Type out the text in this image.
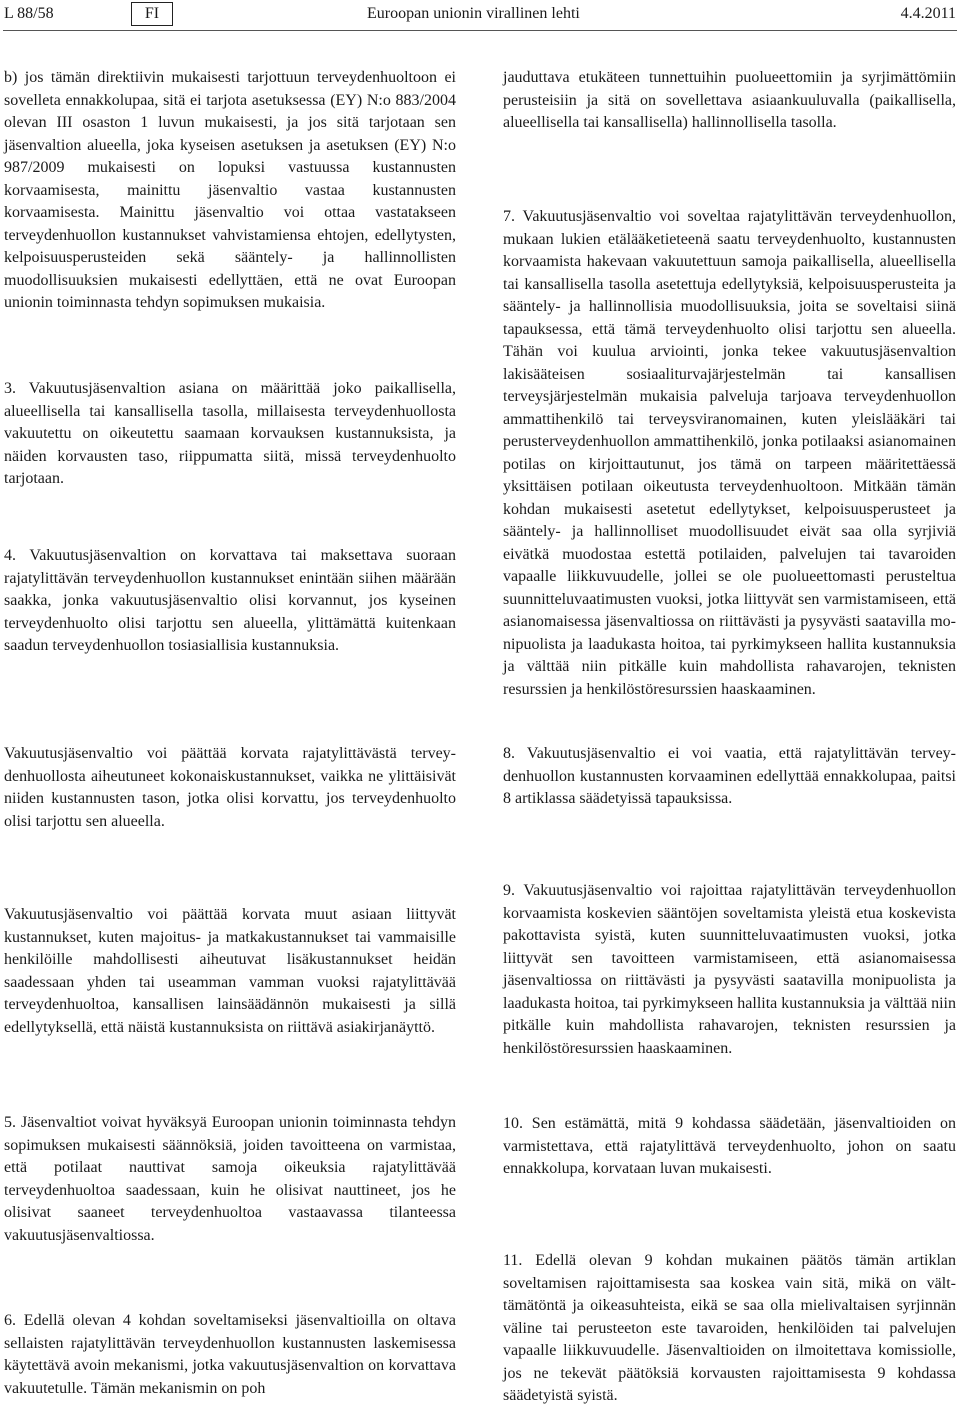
L 88/58	FI	Euroopan unionin virallinen lehti	4.4.2011

b) jos tämän direktiivin mukaisesti tarjottuun terveydenhuoltoon ei sovelleta ennakkolupaa, sitä ei tarjota asetuksessa (EY) N:o 883/2004 olevan III osaston 1 luvun mukaisesti, ja jos sitä tarjotaan sen jäsenvaltion alueella, joka kyseisen asetuksen ja asetuksen (EY) N:o 987/2009 mukaisesti on lopuksi vastuussa kustannusten korvaamisesta, mainittu jäsenvaltio vastaa kustannusten korvaamisesta. Mainittu jäsenvaltio voi ottaa vastatakseen terveydenhuollon kustannukset vahvistamiensa ehtojen, edellytysten, kelpoisuusperusteiden sekä sääntely- ja hallinnollisten muodollisuuksien mukaisesti edellyttäen, että ne ovat Euroopan unionin toiminnasta tehdyn sopimuksen mukaisia.

3. Vakuutusjäsenvaltion asiana on määrittää joko paikallisella, alueellisella tai kansallisella tasolla, millaisesta terveydenhuollosta vakuutettu on oikeutettu saamaan korvauksen kustannuksista, ja näiden korvausten taso, riippumatta siitä, missä terveydenhuolto tarjotaan.

4. Vakuutusjäsenvaltion on korvattava tai maksettava suoraan rajatylittävän terveydenhuollon kustannukset enintään siihen määrään saakka, jonka vakuutusjäsenvaltio olisi korvannut, jos kyseinen terveydenhuolto olisi tarjottu sen alueella, ylittämättä kuitenkaan saadun terveydenhuollon tosiasiallisia kustannuksia.

Vakuutusjäsenvaltio voi päättää korvata rajatylittävästä terveydenhuollosta aiheutuneet kokonaiskustannukset, vaikka ne ylittäisivät niiden kustannusten tason, jotka olisi korvattu, jos terveydenhuolto olisi tarjottu sen alueella.

Vakuutusjäsenvaltio voi päättää korvata muut asiaan liittyvät kustannukset, kuten majoitus- ja matkakustannukset tai vammaisille henkilöille mahdollisesti aiheutuvat lisäkustannukset heidän saadessaan yhden tai useamman vamman vuoksi rajatylittävää terveydenhuoltoa, kansallisen lainsäädännön mukaisesti ja sillä edellytyksellä, että näistä kustannuksista on riittävä asiakirjanäyttö.

5. Jäsenvaltiot voivat hyväksyä Euroopan unionin toiminnasta tehdyn sopimuksen mukaisesti säännöksiä, joiden tavoitteena on varmistaa, että potilaat nauttivat samoja oikeuksia rajatylittävää terveydenhuoltoa saadessaan, kuin he olisivat nauttineet, jos he olisivat saaneet terveydenhuoltoa vastaavassa tilanteessa vakuutusjäsenvaltiossa.

6. Edellä olevan 4 kohdan soveltamiseksi jäsenvaltioilla on oltava sellaisten rajatylittävän terveydenhuollon kustannusten laskemisessa käytettävä avoin mekanismi, jotka vakuutusjäsenvaltion on korvattava vakuutetulle. Tämän mekanismin on poh

jauduttava etukäteen tunnettuihin puolueettomiin ja syrjimättömiin perusteisiin ja sitä on sovellettava asiaankuuluvalla (paikallisella, alueellisella tai kansallisella) hallinnollisella tasolla.

7. Vakuutusjäsenvaltio voi soveltaa rajatylittävän terveydenhuollon, mukaan lukien etälääketieteenä saatu terveydenhuolto, kustannusten korvaamista hakevaan vakuutettuun samoja paikallisella, alueellisella tai kansallisella tasolla asetettuja edellytyksiä, kelpoisuusperusteita ja sääntely- ja hallinnollisia muodollisuuksia, joita se soveltaisi siinä tapauksessa, että tämä terveydenhuolto olisi tarjottu sen alueella. Tähän voi kuulua arviointi, jonka tekee vakuutusjäsenvaltion lakisääteisen sosiaaliturvajärjestelmän tai kansallisen terveysjärjestelmän mukaisia palveluja tarjoava terveydenhuollon ammattihenkilö tai terveysviranomainen, kuten yleislääkäri tai perusterveydenhuollon ammattihenkilö, jonka potilaaksi asianomainen potilas on kirjoittautunut, jos tämä on tarpeen määritettäessä yksittäisen potilaan oikeutusta terveydenhuoltoon. Mitkään tämän kohdan mukaisesti asetetut edellytykset, kelpoisuusperusteet ja sääntely- ja hallinnolliset muodollisuudet eivät saa olla syrjiviä eivätkä muodostaa estettä potilaiden, palvelujen tai tavaroiden vapaalle liikkuvuudelle, jollei se ole puolueettomasti perusteltua suunnitteluvaatimusten vuoksi, jotka liittyvät sen varmistamiseen, että asianomaisessa jäsenvaltiossa on riittävästi ja pysyvästi saatavilla monipuolista ja laadukasta hoitoa, tai pyrkimykseen hallita kustannuksia ja välttää niin pitkälle kuin mahdollista rahavarojen, teknisten resurssien ja henkilöstöresurssien haaskaaminen.

8. Vakuutusjäsenvaltio ei voi vaatia, että rajatylittävän terveydenhuollon kustannusten korvaaminen edellyttää ennakkolupaa, paitsi 8 artiklassa säädetyissä tapauksissa.

9. Vakuutusjäsenvaltio voi rajoittaa rajatylittävän terveydenhuollon korvaamista koskevien sääntöjen soveltamista yleistä etua koskevista pakottavista syistä, kuten suunnitteluvaatimusten vuoksi, jotka liittyvät sen tavoitteen varmistamiseen, että asianomaisessa jäsenvaltiossa on riittävästi ja pysyvästi saatavilla monipuolista ja laadukasta hoitoa, tai pyrkimykseen hallita kustannuksia ja välttää niin pitkälle kuin mahdollista rahavarojen, teknisten resurssien ja henkilöstöresurssien haaskaaminen.

10. Sen estämättä, mitä 9 kohdassa säädetään, jäsenvaltioiden on varmistettava, että rajatylittävä terveydenhuolto, johon on saatu ennakkolupa, korvataan luvan mukaisesti.

11. Edellä olevan 9 kohdan mukainen päätös tämän artiklan soveltamisen rajoittamisesta saa koskea vain sitä, mikä on välttämätöntä ja oikeasuhteista, eikä se saa olla mielivaltaisen syrjinnän väline tai perusteeton este tavaroiden, henkilöiden tai palvelujen vapaalle liikkuvuudelle. Jäsenvaltioiden on ilmoitettava komissiolle, jos ne tekevät päätöksiä korvausten rajoittamisesta 9 kohdassa säädetyistä syistä.
